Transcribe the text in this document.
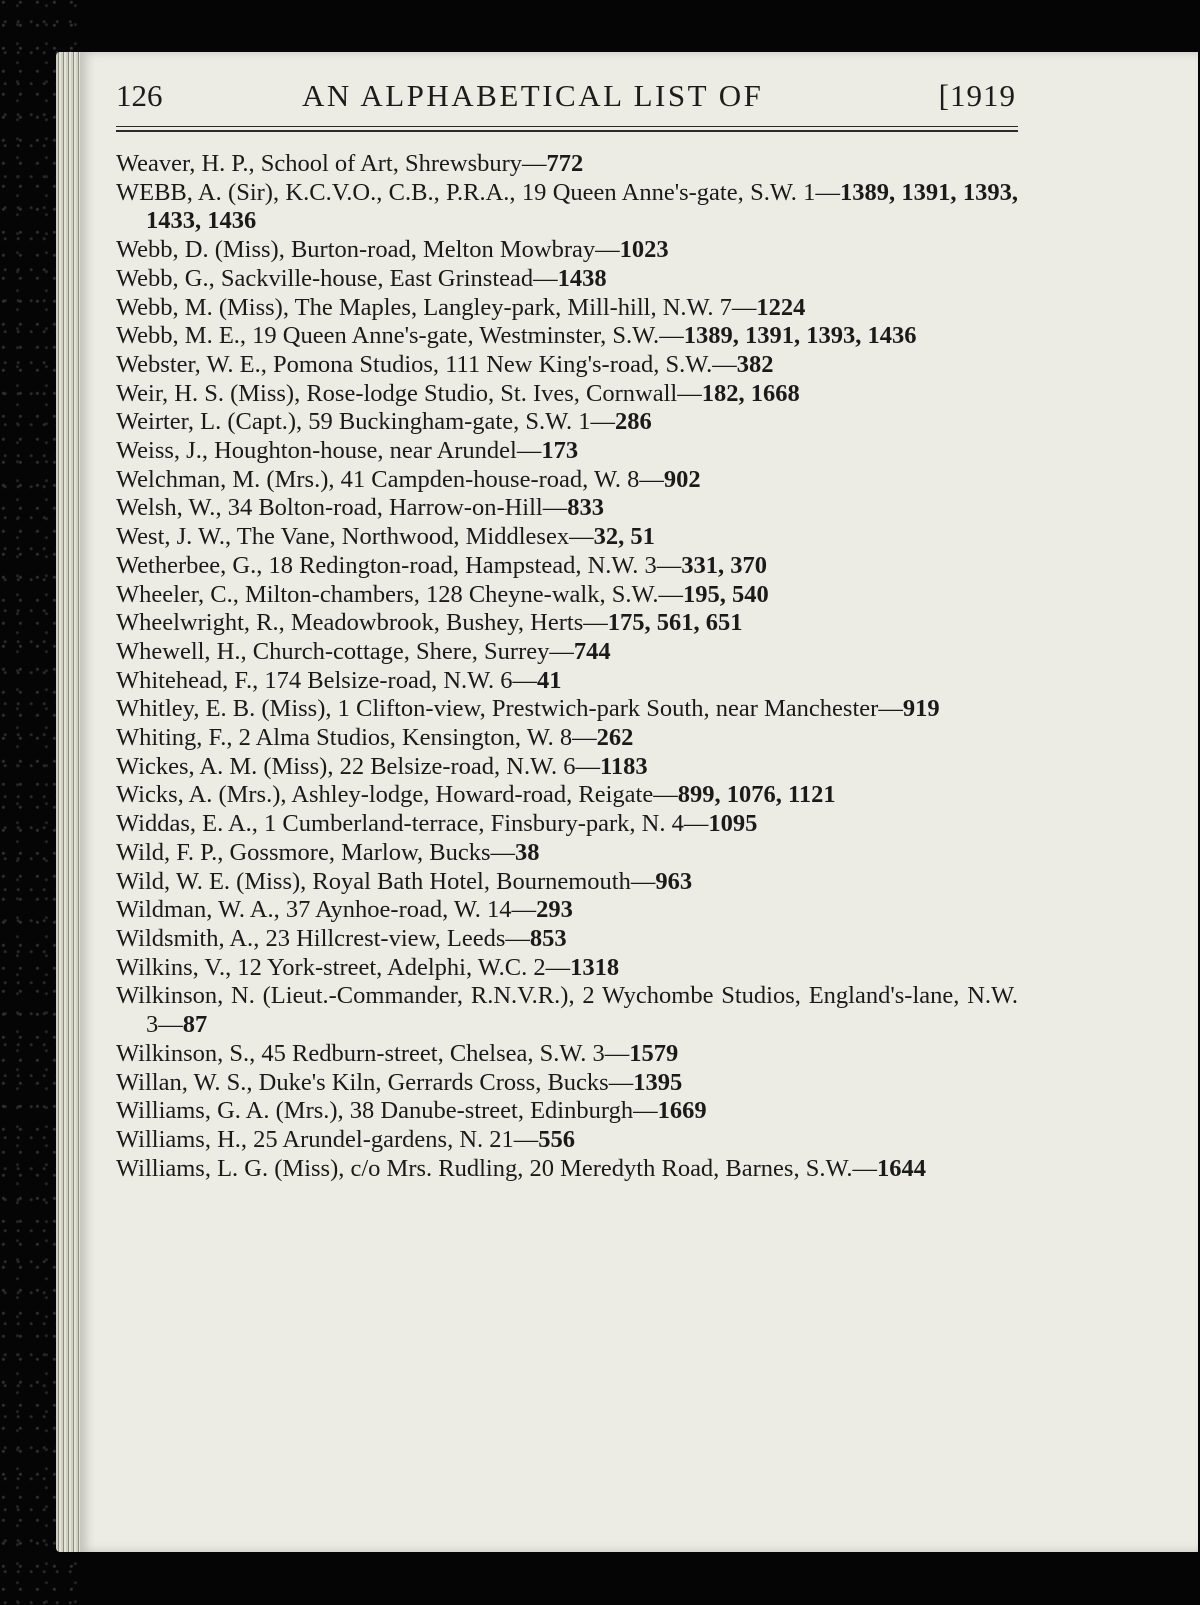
126	AN ALPHABETICAL LIST OF	[1919
Weaver, H. P., School of Art, Shrewsbury—772
WEBB, A. (Sir), K.C.V.O., C.B., P.R.A., 19 Queen Anne's-gate, S.W. 1—1389, 1391, 1393, 1433, 1436
Webb, D. (Miss), Burton-road, Melton Mowbray—1023
Webb, G., Sackville-house, East Grinstead—1438
Webb, M. (Miss), The Maples, Langley-park, Mill-hill, N.W. 7—1224
Webb, M. E., 19 Queen Anne's-gate, Westminster, S.W.—1389, 1391, 1393, 1436
Webster, W. E., Pomona Studios, 111 New King's-road, S.W.—382
Weir, H. S. (Miss), Rose-lodge Studio, St. Ives, Cornwall—182, 1668
Weirter, L. (Capt.), 59 Buckingham-gate, S.W. 1—286
Weiss, J., Houghton-house, near Arundel—173
Welchman, M. (Mrs.), 41 Campden-house-road, W. 8—902
Welsh, W., 34 Bolton-road, Harrow-on-Hill—833
West, J. W., The Vane, Northwood, Middlesex—32, 51
Wetherbee, G., 18 Redington-road, Hampstead, N.W. 3—331, 370
Wheeler, C., Milton-chambers, 128 Cheyne-walk, S.W.—195, 540
Wheelwright, R., Meadowbrook, Bushey, Herts—175, 561, 651
Whewell, H., Church-cottage, Shere, Surrey—744
Whitehead, F., 174 Belsize-road, N.W. 6—41
Whitley, E. B. (Miss), 1 Clifton-view, Prestwich-park South, near Manchester—919
Whiting, F., 2 Alma Studios, Kensington, W. 8—262
Wickes, A. M. (Miss), 22 Belsize-road, N.W. 6—1183
Wicks, A. (Mrs.), Ashley-lodge, Howard-road, Reigate—899, 1076, 1121
Widdas, E. A., 1 Cumberland-terrace, Finsbury-park, N. 4—1095
Wild, F. P., Gossmore, Marlow, Bucks—38
Wild, W. E. (Miss), Royal Bath Hotel, Bournemouth—963
Wildman, W. A., 37 Aynhoe-road, W. 14—293
Wildsmith, A., 23 Hillcrest-view, Leeds—853
Wilkins, V., 12 York-street, Adelphi, W.C. 2—1318
Wilkinson, N. (Lieut.-Commander, R.N.V.R.), 2 Wychombe Studios, England's-lane, N.W. 3—87
Wilkinson, S., 45 Redburn-street, Chelsea, S.W. 3—1579
Willan, W. S., Duke's Kiln, Gerrards Cross, Bucks—1395
Williams, G. A. (Mrs.), 38 Danube-street, Edinburgh—1669
Williams, H., 25 Arundel-gardens, N. 21—556
Williams, L. G. (Miss), c/o Mrs. Rudling, 20 Meredyth Road, Barnes, S.W.—1644
